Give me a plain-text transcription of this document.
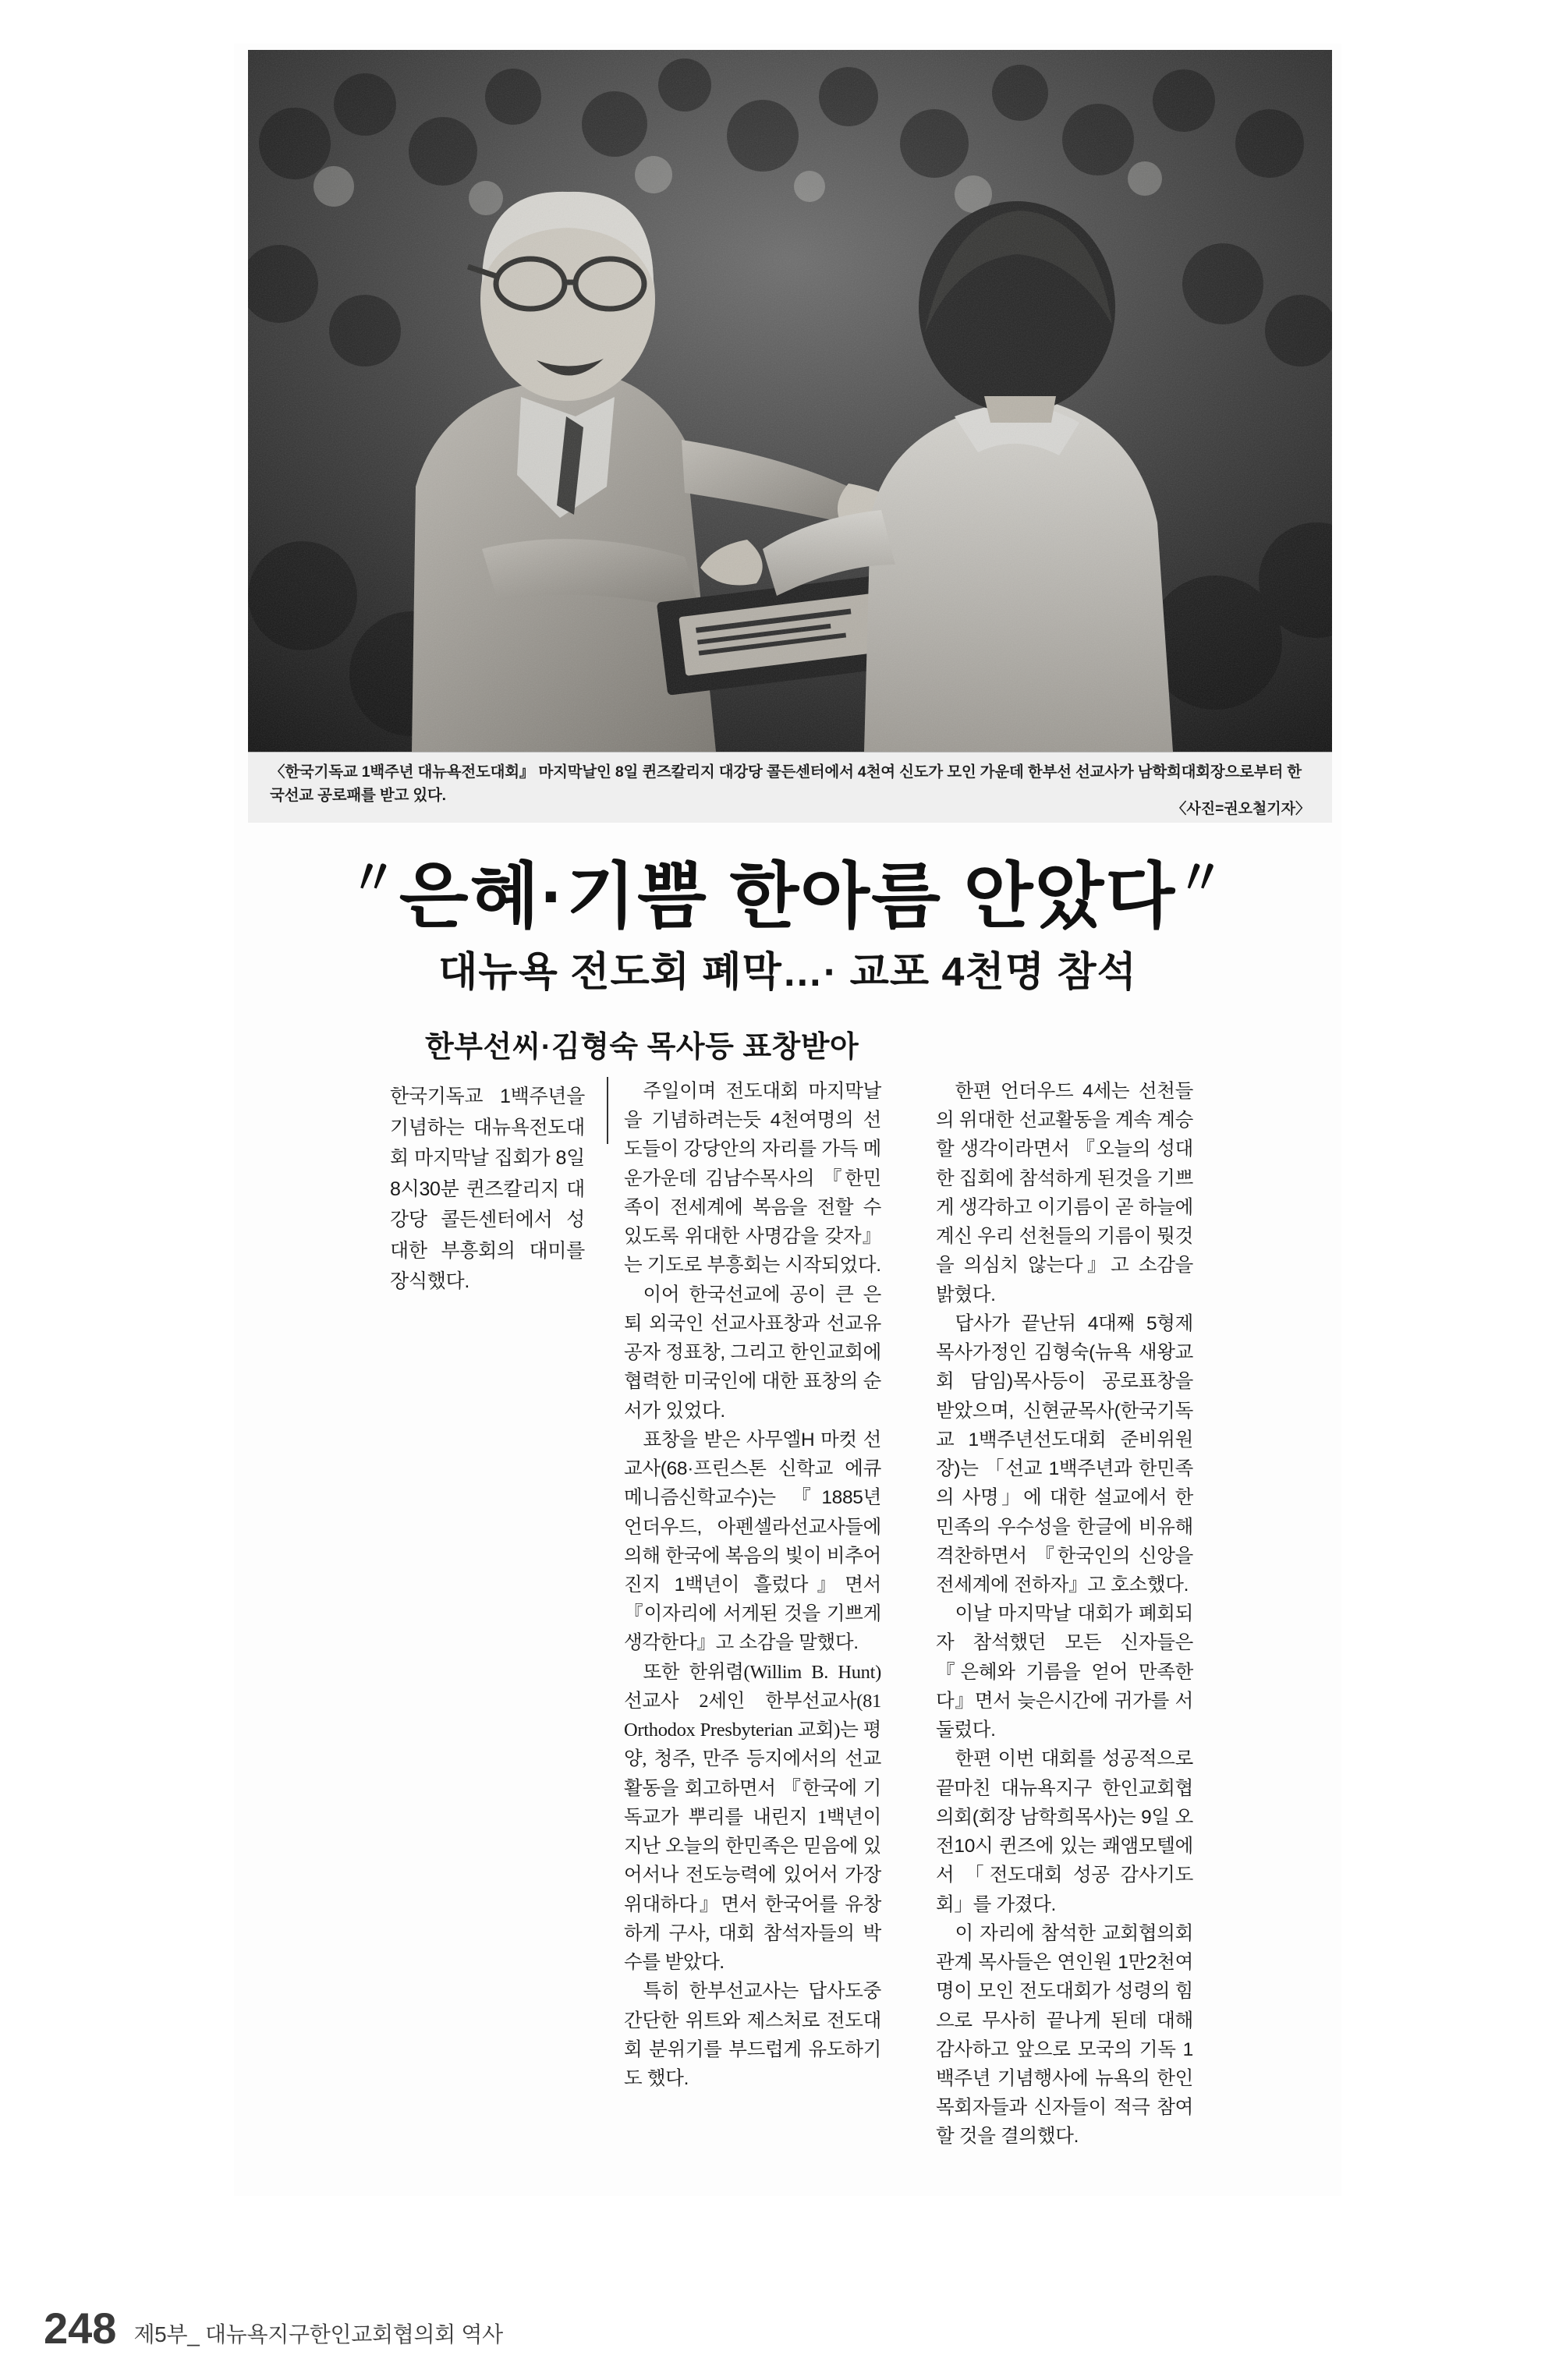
〈한국기독교 1백주년 대뉴욕전도대회』 마지막날인 8일 퀸즈칼리지 대강당 콜든센터에서 4천여 신도가 모인 가운데 한부선 선교사가 남학희대회장으로부터 한국선교 공로패를 받고 있다.
〈사진=권오철기자〉
〃은혜·기쁨 한아름 안았다〃
대뉴욕 전도회 폐막…· 교포 4천명 참석
한부선씨·김형숙 목사등 표창받아

한국기독교 1백주년을 기념하는 대뉴욕전도대회 마지막날 집회가 8일 8시30분 퀸즈칼리지 대강당 콜든센터에서 성대한 부흥회의 대미를 장식했다.

주일이며 전도대회 마지막날을 기념하려는듯 4천여명의 선도들이 강당안의 자리를 가득 메운가운데 김남수목사의 『한민족이 전세계에 복음을 전할 수 있도록 위대한 사명감을 갖자』는 기도로 부흥회는 시작되었다.

이어 한국선교에 공이 큰 은퇴 외국인 선교사표창과 선교유공자 정표창, 그리고 한인교회에 협력한 미국인에 대한 표창의 순서가 있었다.

표창을 받은 사무엘H 마컷 선교사(68·프린스톤 신학교 에큐메니즘신학교수)는 『1885년 언더우드, 아펜셀라선교사들에 의해 한국에 복음의 빛이 비추어진지 1백년이 흘렀다』면서 『이자리에 서게된 것을 기쁘게 생각한다』고 소감을 말했다.

또한 한위렴(Willim B. Hunt) 선교사 2세인 한부선교사(81 Orthodox Presbyterian 교회)는 평양, 청주, 만주 등지에서의 선교활동을 회고하면서 『한국에 기독교가 뿌리를 내린지 1백년이 지난 오늘의 한민족은 믿음에 있어서나 전도능력에 있어서 가장 위대하다』면서 한국어를 유창하게 구사, 대회 참석자들의 박수를 받았다.

특히 한부선교사는 답사도중 간단한 위트와 제스처로 전도대회 분위기를 부드럽게 유도하기도 했다.

한편 언더우드 4세는 선천들의 위대한 선교활동을 계속 계승할 생각이라면서 『오늘의 성대한 집회에 참석하게 된것을 기쁘게 생각하고 이기름이 곧 하늘에 계신 우리 선천들의 기름이 뭣것을 의심치 않는다』고 소감을 밝혔다.

답사가 끝난뒤 4대째 5형제 목사가정인 김형숙(뉴욕 새왕교회 담임)목사등이 공로표창을 받았으며, 신현균목사(한국기독교 1백주년선도대회 준비위원장)는 「선교 1백주년과 한민족의 사명」에 대한 설교에서 한민족의 우수성을 한글에 비유해 격찬하면서 『한국인의 신앙을 전세계에 전하자』고 호소했다.

이날 마지막날 대회가 폐회되자 참석했던 모든 신자들은 『은혜와 기름을 얻어 만족한다』면서 늦은시간에 귀가를 서둘렀다.

한편 이번 대회를 성공적으로 끝마친 대뉴욕지구 한인교회협의회(회장 남학희목사)는 9일 오전10시 퀸즈에 있는 쾌앰모텔에서 「전도대회 성공 감사기도회」를 가졌다.

이 자리에 참석한 교회협의회 관계 목사들은 연인원 1만2천여명이 모인 전도대회가 성령의 힘으로 무사히 끝나게 된데 대해 감사하고 앞으로 모국의 기독 1백주년 기념행사에 뉴욕의 한인 목회자들과 신자들이 적극 참여할 것을 결의했다.

248 제5부_ 대뉴욕지구한인교회협의회 역사
